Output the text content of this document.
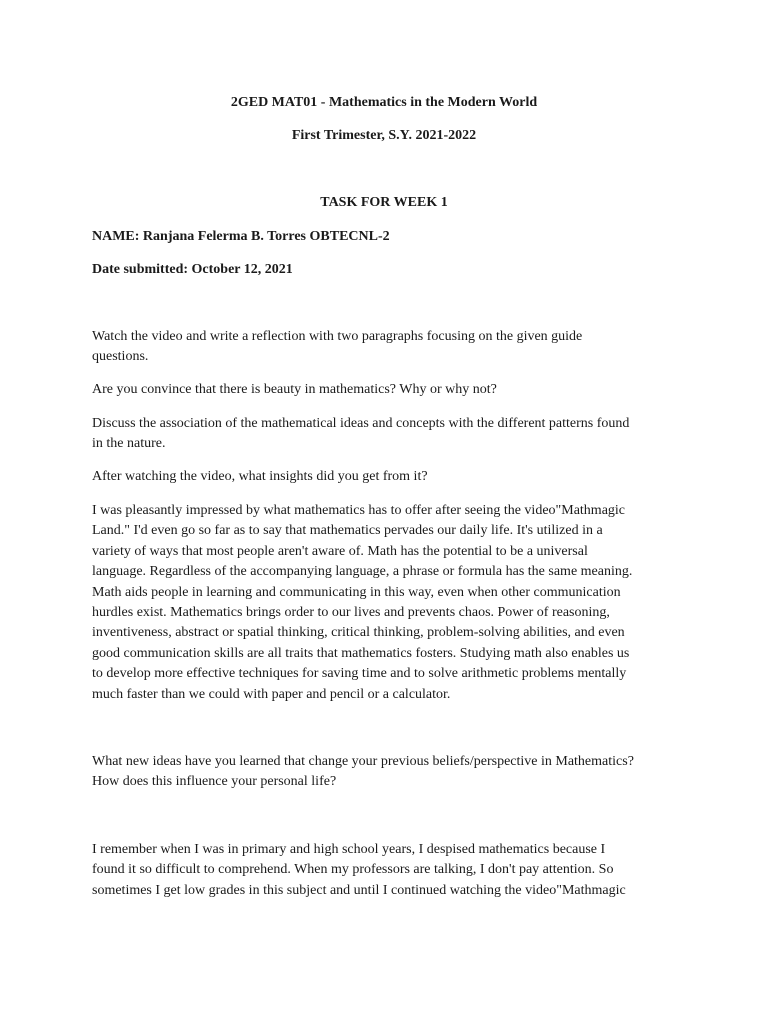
2GED MAT01 - Mathematics in the Modern World
First Trimester, S.Y. 2021-2022
TASK FOR WEEK 1
NAME: Ranjana Felerma B. Torres OBTECNL-2
Date submitted: October 12, 2021
Watch the video and write a reflection with two paragraphs focusing on the given guide
questions.
Are you convince that there is beauty in mathematics? Why or why not?
Discuss the association of the mathematical ideas and concepts with the different patterns found
in the nature.
After watching the video, what insights did you get from it?
I was pleasantly impressed by what mathematics has to offer after seeing the video"Mathmagic
Land." I'd even go so far as to say that mathematics pervades our daily life. It's utilized in a
variety of ways that most people aren't aware of. Math has the potential to be a universal
language. Regardless of the accompanying language, a phrase or formula has the same meaning.
Math aids people in learning and communicating in this way, even when other communication
hurdles exist. Mathematics brings order to our lives and prevents chaos. Power of reasoning,
inventiveness, abstract or spatial thinking, critical thinking, problem-solving abilities, and even
good communication skills are all traits that mathematics fosters. Studying math also enables us
to develop more effective techniques for saving time and to solve arithmetic problems mentally
much faster than we could with paper and pencil or a calculator.
What new ideas have you learned that change your previous beliefs/perspective in Mathematics?
How does this influence your personal life?
I remember when I was in primary and high school years, I despised mathematics because I
found it so difficult to comprehend. When my professors are talking, I don't pay attention. So
sometimes I get low grades in this subject and until I continued watching the video"Mathmagic
